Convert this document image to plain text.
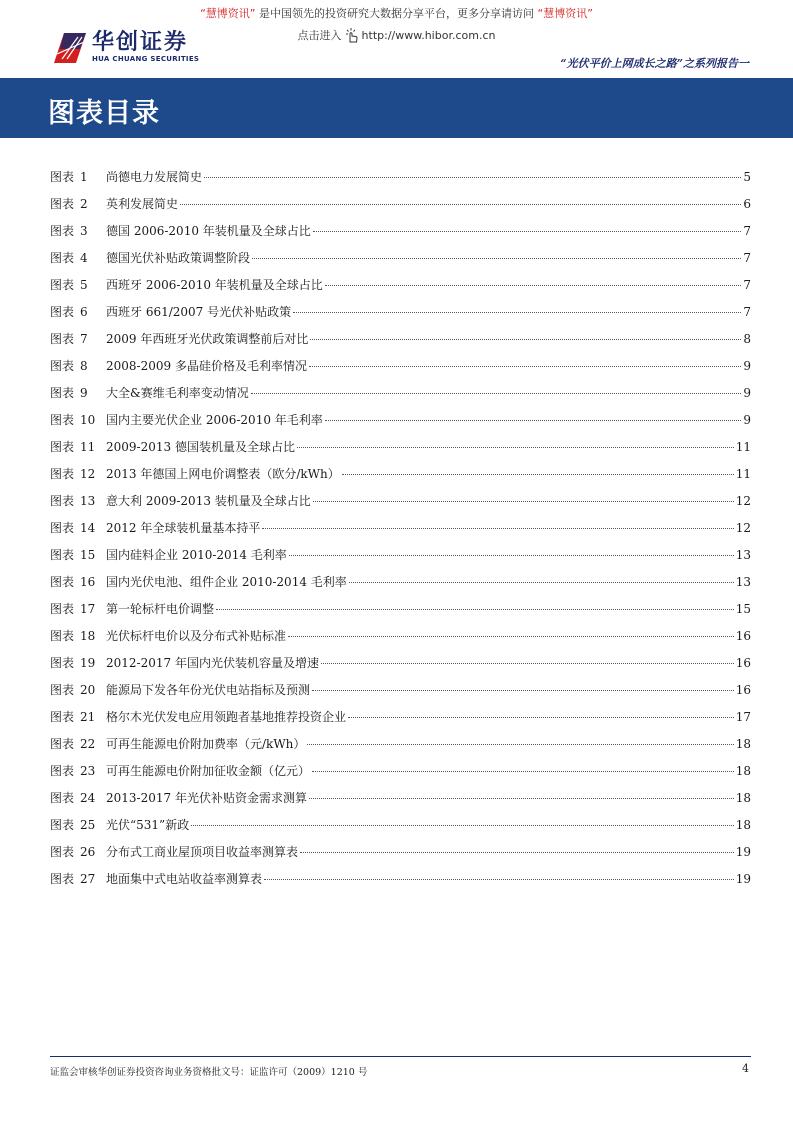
“慧博资讯” 是中国领先的投资研究大数据分享平台，更多分享请访问 “慧博资讯”
点击进入 http://www.hibor.com.cn
华创证券
HUA CHUANG SECURITIES	“光伏平价上网成长之路”之系列报告一
图表目录
图表 1	尚德电力发展简史	5
图表 2	英利发展简史	6
图表 3	德国 2006-2010 年装机量及全球占比	7
图表 4	德国光伏补贴政策调整阶段	7
图表 5	西班牙 2006-2010 年装机量及全球占比	7
图表 6	西班牙 661/2007 号光伏补贴政策	7
图表 7	2009 年西班牙光伏政策调整前后对比	8
图表 8	2008-2009 多晶硅价格及毛利率情况	9
图表 9	大全&赛维毛利率变动情况	9
图表 10 国内主要光伏企业 2006-2010 年毛利率	9
图表 11 2009-2013 德国装机量及全球占比	11
图表 12 2013 年德国上网电价调整表（欧分/kWh）	11
图表 13 意大利 2009-2013 装机量及全球占比	12
图表 14 2012 年全球装机量基本持平	12
图表 15 国内硅料企业 2010-2014 毛利率	13
图表 16 国内光伏电池、组件企业 2010-2014 毛利率	13
图表 17 第一轮标杆电价调整	15
图表 18 光伏标杆电价以及分布式补贴标准	16
图表 19 2012-2017 年国内光伏装机容量及增速	16
图表 20 能源局下发各年份光伏电站指标及预测	16
图表 21 格尔木光伏发电应用领跑者基地推荐投资企业	17
图表 22 可再生能源电价附加费率（元/kWh）	18
图表 23 可再生能源电价附加征收金额（亿元）	18
图表 24 2013-2017 年光伏补贴资金需求测算	18
图表 25 光伏“531”新政	18
图表 26 分布式工商业屋顶项目收益率测算表	19
图表 27 地面集中式电站收益率测算表	19
证监会审核华创证券投资咨询业务资格批文号：证监许可（2009）1210 号	4
